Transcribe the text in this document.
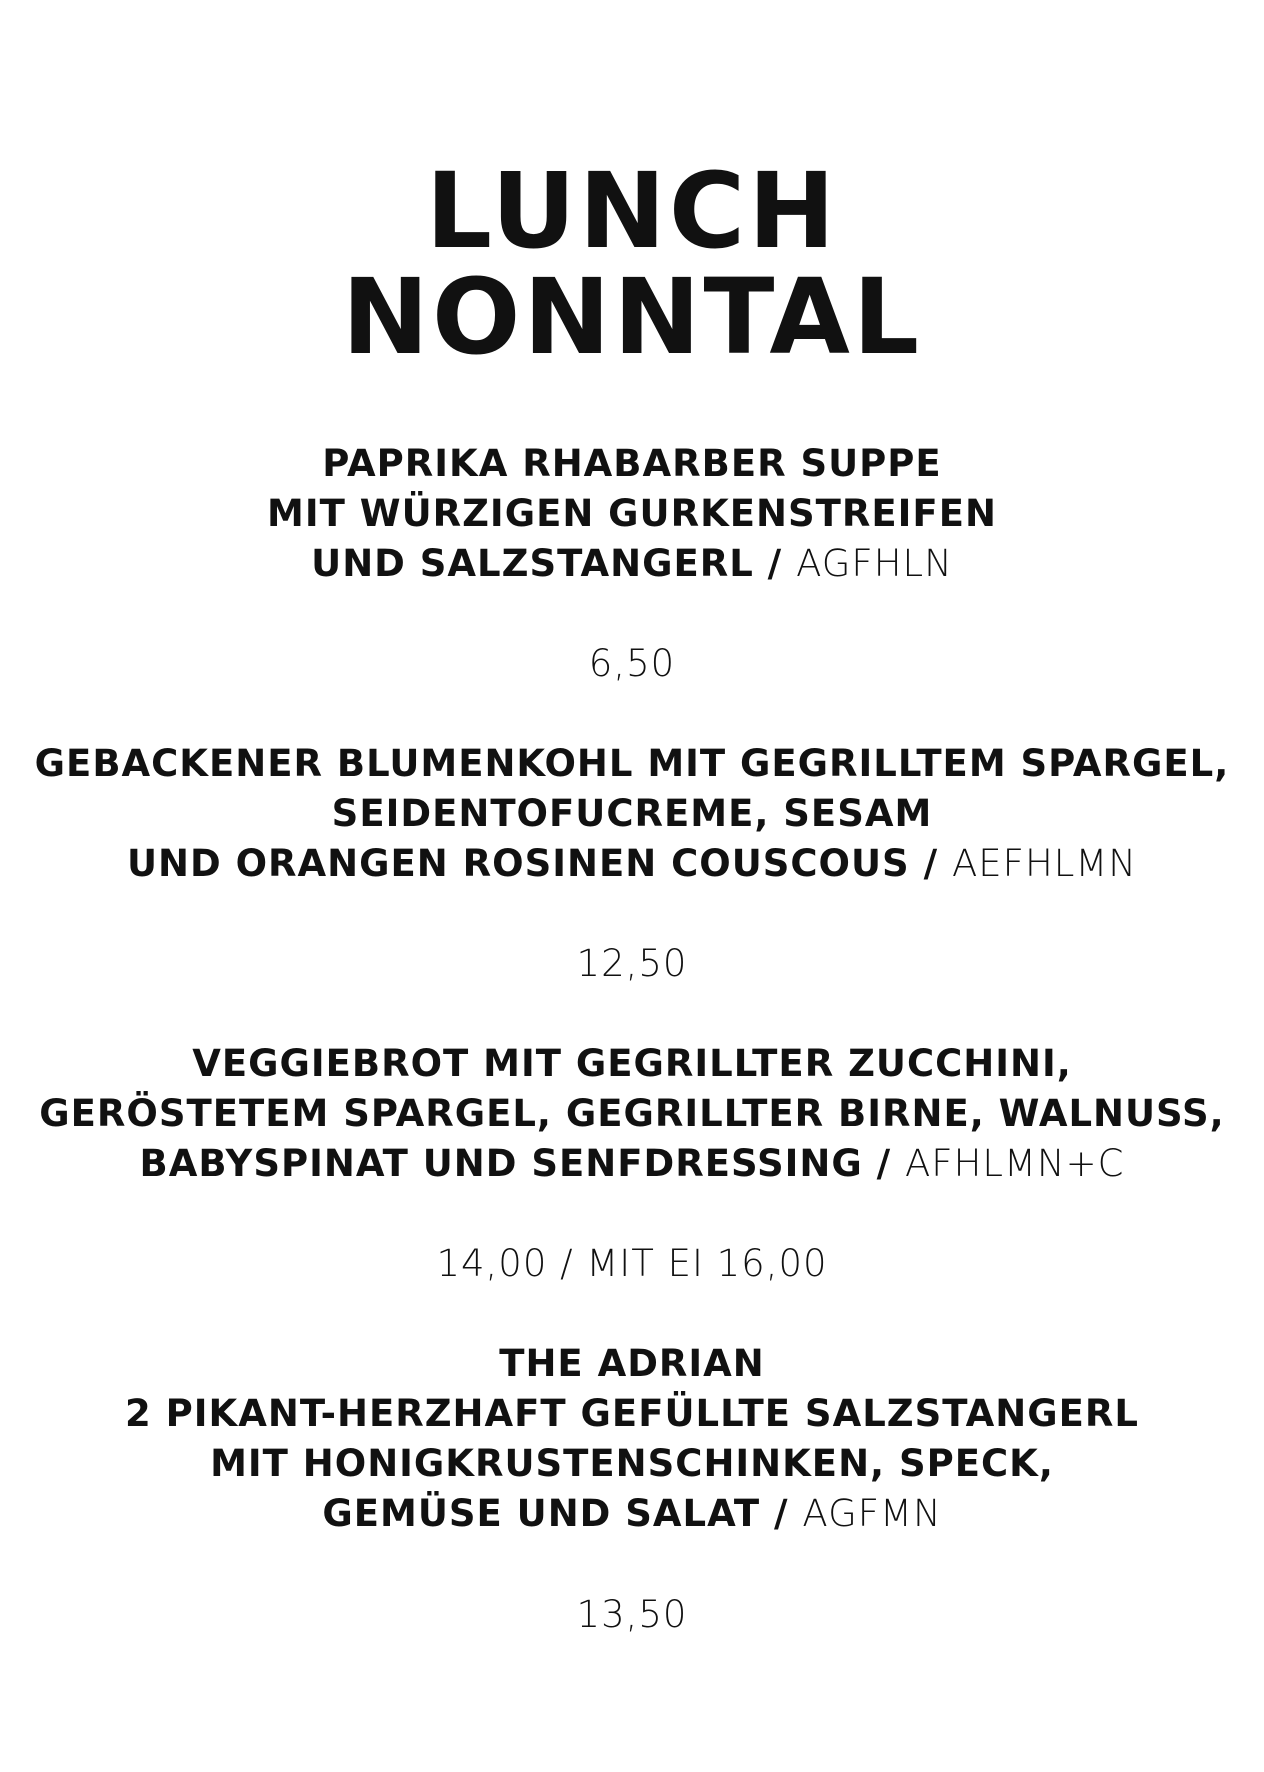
LUNCH
NONNTAL

PAPRIKA RHABARBER SUPPE
MIT WÜRZIGEN GURKENSTREIFEN
UND SALZSTANGERL / AGFHLN

6,50

GEBACKENER BLUMENKOHL MIT GEGRILLTEM SPARGEL,
SEIDENTOFUCREME, SESAM
UND ORANGEN ROSINEN COUSCOUS / AEFHLMN

12,50

VEGGIEBROT MIT GEGRILLTER ZUCCHINI,
GERÖSTETEM SPARGEL, GEGRILLTER BIRNE, WALNUSS,
BABYSPINAT UND SENFDRESSING / AFHLMN+C

14,00 / MIT EI 16,00

THE ADRIAN
2 PIKANT-HERZHAFT GEFÜLLTE SALZSTANGERL
MIT HONIGKRUSTENSCHINKEN, SPECK,
GEMÜSE UND SALAT / AGFMN

13,50
